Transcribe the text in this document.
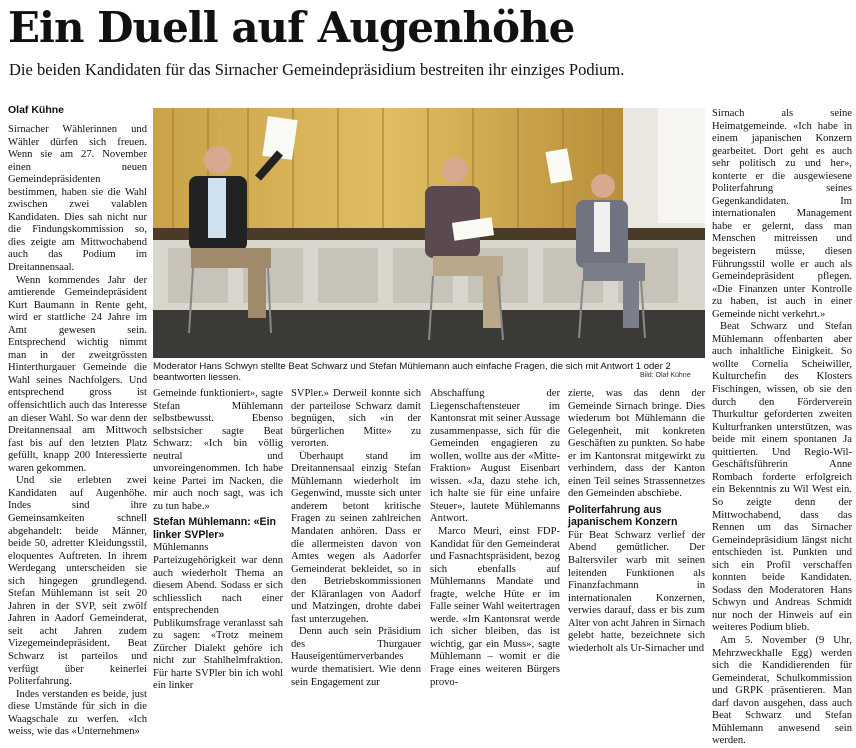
Ein Duell auf Augenhöhe

Die beiden Kandidaten für das Sirnacher Gemeindepräsidium bestreiten ihr einziges Podium.

Olaf Kühne

Sirnacher Wählerinnen und Wähler dürfen sich freuen. Wenn sie am 27. November einen neuen Gemeindepräsidenten bestimmen, haben sie die Wahl zwischen zwei valablen Kandidaten. Dies sah nicht nur die Findungskommission so, dies zeigte am Mittwochabend auch das Podium im Dreitannensaal.

Wenn kommendes Jahr der amtierende Gemeindepräsident Kurt Baumann in Rente geht, wird er stattliche 24 Jahre im Amt gewesen sein. Entsprechend wichtig nimmt man in der zweitgrössten Hinterthurgauer Gemeinde die Wahl seines Nachfolgers. Und entsprechend gross ist offensichtlich auch das Interesse an dieser Wahl. So war denn der Dreitannensaal am Mittwoch fast bis auf den letzten Platz gefüllt, knapp 200 Interessierte waren gekommen.

Und sie erlebten zwei Kandidaten auf Augenhöhe. Indes sind ihre Gemeinsamkeiten schnell abgehandelt: beide Männer, beide 50, adretter Kleidungsstil, eloquentes Auftreten. In ihrem Werdegang unterscheiden sie sich hingegen grundlegend. Stefan Mühlemann ist seit 20 Jahren in der SVP, seit zwölf Jahren in Aadorf Gemeinderat, seit acht Jahren zudem Vizegemeindepräsident. Beat Schwarz ist parteilos und verfügt über keinerlei Politerfahrung.

Indes verstanden es beide, just diese Umstände für sich in die Waagschale zu werfen. «Ich weiss, wie das «Unternehmen»

Moderator Hans Schwyn stellte Beat Schwarz und Stefan Mühlemann auch einfache Fragen, die sich mit Antwort 1 oder 2 beantworten liessen.	Bild: Olaf Kühne

Sirnach als seine Heimatgemeinde. «Ich habe in einem japanischen Konzern gearbeitet. Dort geht es auch sehr politisch zu und her», konterte er die ausgewiesene Politerfahrung seines Gegenkandidaten. Im internationalen Management habe er gelernt, dass man Menschen mitreissen und begeistern müsse, diesen Führungsstil wolle er auch als Gemeindepräsident pflegen. «Die Finanzen unter Kontrolle zu haben, ist auch in einer Gemeinde nicht verkehrt.»

Beat Schwarz und Stefan Mühlemann offenbarten aber auch inhaltliche Einigkeit. So wollte Cornelia Scheiwiller, Kulturchefin des Klosters Fischingen, wissen, ob sie den durch den Förderverein Thurkultur geforderten zweiten Kulturfranken unterstützen, was beide mit einem spontanen Ja quittierten. Und Regio-Wil-Geschäftsführerin Anne Rombach forderte erfolgreich ein Bekenntnis zu Wil West ein. So zeigte denn der Mittwochabend, dass das Rennen um das Sirnacher Gemeindepräsidium längst nicht entschieden ist. Punkten und sich ein Profil verschaffen konnten beide Kandidaten. Sodass den Moderatoren Hans Schwyn und Andreas Schmidt nur noch der Hinweis auf ein weiteres Podium blieb.

Am 5. November (9 Uhr, Mehrzweckhalle Egg) werden sich die Kandidierenden für Gemeinderat, Schulkommission und GRPK präsentieren. Man darf davon ausgehen, dass auch Beat Schwarz und Stefan Mühlemann anwesend sein werden.

Gemeinde funktioniert», sagte Stefan Mühlemann selbstbewusst. Ebenso selbstsicher sagte Beat Schwarz: «Ich bin völlig neutral und unvoreingenommen. Ich habe keine Partei im Nacken, die mir auch noch sagt, was ich zu tun habe.»

Stefan Mühlemann: «Ein linker SVPler»

Mühlemanns Parteizugehörigkeit war denn auch wiederholt Thema an diesem Abend. Sodass er sich schliesslich nach einer entsprechenden Publikumsfrage veranlasst sah zu sagen: «Trotz meinem Zürcher Dialekt gehöre ich nicht zur Stahlhelmfraktion. Für harte SVPler bin ich wohl ein linker

SVPler.» Derweil konnte sich der parteilose Schwarz damit begnügen, sich «in der bürgerlichen Mitte» zu verorten.

Überhaupt stand im Dreitannensaal einzig Stefan Mühlemann wiederholt im Gegenwind, musste sich unter anderem betont kritische Fragen zu seinen zahlreichen Mandaten anhören. Dass er die allermeisten davon von Amtes wegen als Aadorfer Gemeinderat bekleidet, so in den Betriebskommissionen der Kläranlagen von Aadorf und Matzingen, drohte dabei fast unterzugehen.

Denn auch sein Präsidium des Thurgauer Hauseigentümerverbandes wurde thematisiert. Wie denn sein Engagement zur

Abschaffung der Liegenschaftensteuer im Kantonsrat mit seiner Aussage zusammenpasse, sich für die Gemeinden engagieren zu wollen, wollte aus der «Mitte-Fraktion» August Eisenbart wissen. «Ja, dazu stehe ich, ich halte sie für eine unfaire Steuer», lautete Mühlemanns Antwort.

Marco Meuri, einst FDP-Kandidat für den Gemeinderat und Fasnachtspräsident, bezog sich ebenfalls auf Mühlemanns Mandate und fragte, welche Hüte er im Falle seiner Wahl weitertragen werde. «Im Kantonsrat werde ich sicher bleiben, das ist wichtig, gar ein Muss», sagte Mühlemann – womit er die Frage eines weiteren Bürgers provo-

zierte, was das denn der Gemeinde Sirnach bringe. Dies wiederum bot Mühlemann die Gelegenheit, mit konkreten Geschäften zu punkten. So habe er im Kantonsrat mitgewirkt zu verhindern, dass der Kanton einen Teil seines Strassennetzes den Gemeinden abschiebe.

Politerfahrung aus japanischem Konzern

Für Beat Schwarz verlief der Abend gemütlicher. Der Baltersviler warb mit seinen leitenden Funktionen als Finanzfachmann in internationalen Konzernen, verwies darauf, dass er bis zum Alter von acht Jahren in Sirnach gelebt hatte, bezeichnete sich wiederholt als Ur-Sirnacher und
